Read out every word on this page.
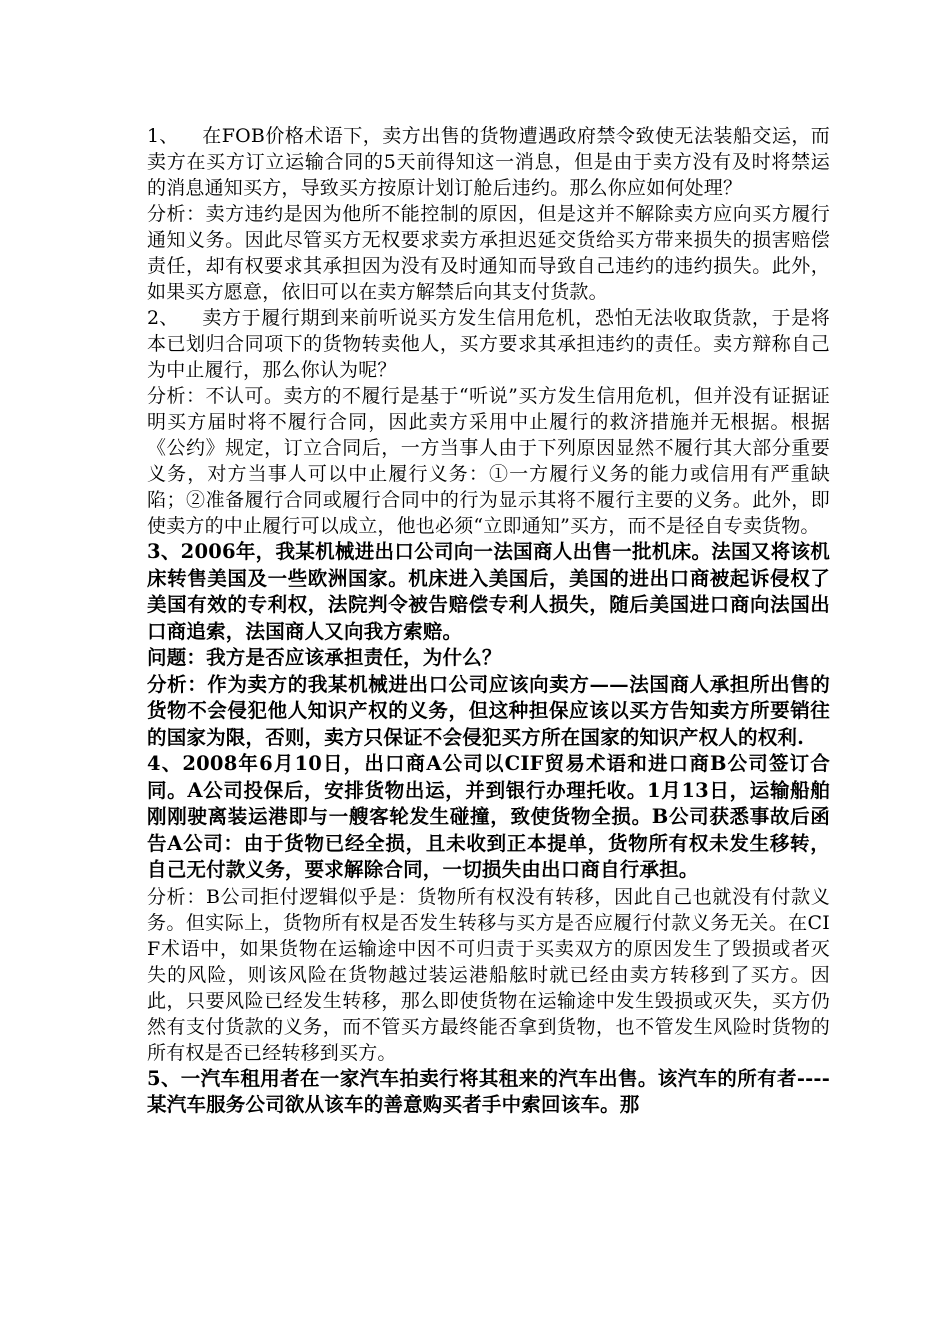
1、 在FOB价格术语下，卖方出售的货物遭遇政府禁令致使无法装船交运，而卖方在买方订立运输合同的5天前得知这一消息，但是由于卖方没有及时将禁运的消息通知买方，导致买方按原计划订舱后违约。那么你应如何处理？

分析：卖方违约是因为他所不能控制的原因，但是这并不解除卖方应向买方履行通知义务。因此尽管买方无权要求卖方承担迟延交货给买方带来损失的损害赔偿责任，却有权要求其承担因为没有及时通知而导致自己违约的违约损失。此外，如果买方愿意，依旧可以在卖方解禁后向其支付货款。

2、 卖方于履行期到来前听说买方发生信用危机，恐怕无法收取货款，于是将本已划归合同项下的货物转卖他人，买方要求其承担违约的责任。卖方辩称自己为中止履行，那么你认为呢？

分析：不认可。卖方的不履行是基于“听说”买方发生信用危机，但并没有证据证明买方届时将不履行合同，因此卖方采用中止履行的救济措施并无根据。根据《公约》规定，订立合同后，一方当事人由于下列原因显然不履行其大部分重要义务，对方当事人可以中止履行义务：①一方履行义务的能力或信用有严重缺陷；②准备履行合同或履行合同中的行为显示其将不履行主要的义务。此外，即使卖方的中止履行可以成立，他也必须“立即通知”买方，而不是径自专卖货物。

3、2006年，我某机械进出口公司向一法国商人出售一批机床。法国又将该机床转售美国及一些欧洲国家。机床进入美国后，美国的进出口商被起诉侵权了美国有效的专利权，法院判令被告赔偿专利人损失，随后美国进口商向法国出口商追索，法国商人又向我方索赔。

问题：我方是否应该承担责任，为什么？

分析：作为卖方的我某机械进出口公司应该向卖方——法国商人承担所出售的货物不会侵犯他人知识产权的义务，但这种担保应该以买方告知卖方所要销往的国家为限，否则，卖方只保证不会侵犯买方所在国家的知识产权人的权利.

4、2008年6月10日，出口商A公司以CIF贸易术语和进口商B公司签订合同。A公司投保后，安排货物出运，并到银行办理托收。1月13日，运输船舶刚刚驶离装运港即与一艘客轮发生碰撞，致使货物全损。B公司获悉事故后函告A公司：由于货物已经全损，且未收到正本提单，货物所有权未发生移转，自己无付款义务，要求解除合同，一切损失由出口商自行承担。

分析：B公司拒付逻辑似乎是：货物所有权没有转移，因此自己也就没有付款义务。但实际上，货物所有权是否发生转移与买方是否应履行付款义务无关。在CIF术语中，如果货物在运输途中因不可归责于买卖双方的原因发生了毁损或者灭失的风险，则该风险在货物越过装运港船舷时就已经由卖方转移到了买方。因此，只要风险已经发生转移，那么即使货物在运输途中发生毁损或灭失，买方仍然有支付货款的义务，而不管买方最终能否拿到货物，也不管发生风险时货物的所有权是否已经转移到买方。

5、一汽车租用者在一家汽车拍卖行将其租来的汽车出售。该汽车的所有者----某汽车服务公司欲从该车的善意购买者手中索回该车。那
